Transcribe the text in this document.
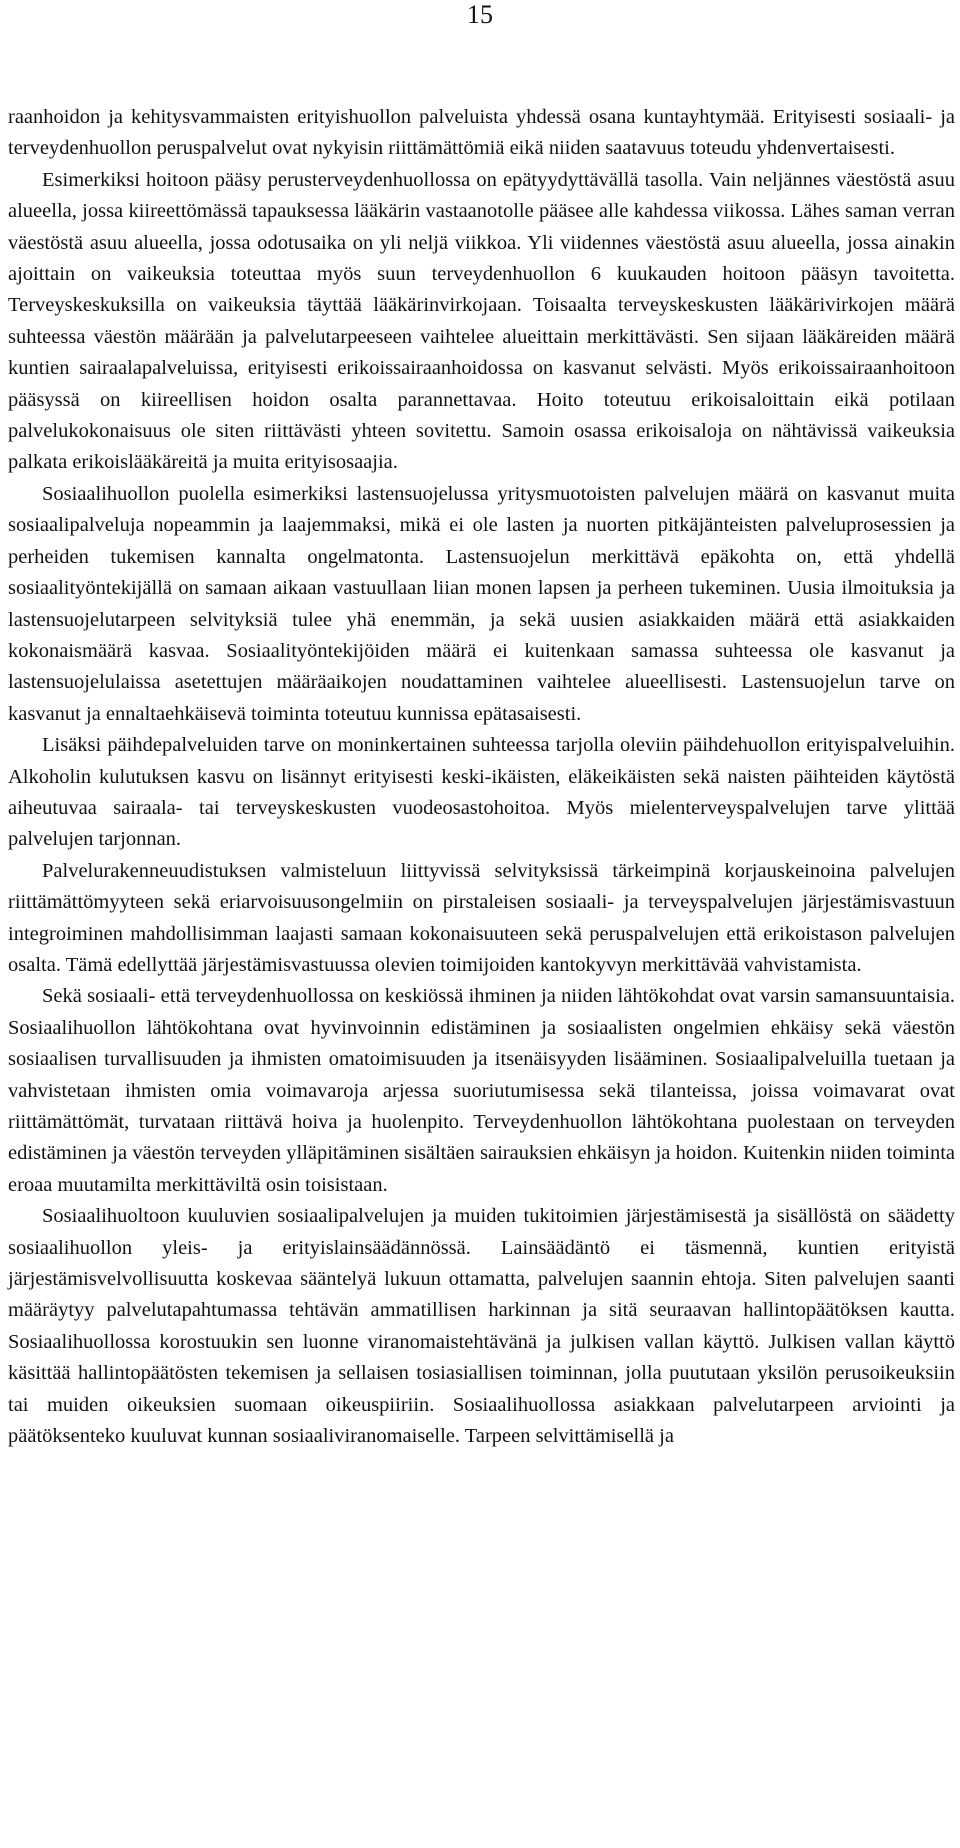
15

raanhoidon ja kehitysvammaisten erityishuollon palveluista yhdessä osana kuntayhtymää. Erityisesti sosiaali- ja terveydenhuollon peruspalvelut ovat nykyisin riittämättömiä eikä niiden saatavuus toteudu yhdenvertaisesti.

Esimerkiksi hoitoon pääsy perusterveydenhuollossa on epätyydyttävällä tasolla. Vain neljännes väestöstä asuu alueella, jossa kiireettömässä tapauksessa lääkärin vastaanotolle pääsee alle kahdessa viikossa. Lähes saman verran väestöstä asuu alueella, jossa odotusaika on yli neljä viikkoa. Yli viidennes väestöstä asuu alueella, jossa ainakin ajoittain on vaikeuksia toteuttaa myös suun terveydenhuollon 6 kuukauden hoitoon pääsyn tavoitetta. Terveyskeskuksilla on vaikeuksia täyttää lääkärinvirkojaan. Toisaalta terveyskeskusten lääkärivirkojen määrä suhteessa väestön määrään ja palvelutarpeeseen vaihtelee alueittain merkittävästi. Sen sijaan lääkäreiden määrä kuntien sairaalapalveluissa, erityisesti erikoissairaanhoidossa on kasvanut selvästi. Myös erikoissairaanhoitoon pääsyssä on kiireellisen hoidon osalta parannettavaa. Hoito toteutuu erikoisaloittain eikä potilaan palvelukokonaisuus ole siten riittävästi yhteen sovitettu. Samoin osassa erikoisaloja on nähtävissä vaikeuksia palkata erikoislääkäreitä ja muita erityisosaajia.

Sosiaalihuollon puolella esimerkiksi lastensuojelussa yritysmuotoisten palvelujen määrä on kasvanut muita sosiaalipalveluja nopeammin ja laajemmaksi, mikä ei ole lasten ja nuorten pitkäjänteisten palveluprosessien ja perheiden tukemisen kannalta ongelmatonta. Lastensuojelun merkittävä epäkohta on, että yhdellä sosiaalityöntekijällä on samaan aikaan vastuullaan liian monen lapsen ja perheen tukeminen. Uusia ilmoituksia ja lastensuojelutarpeen selvityksiä tulee yhä enemmän, ja sekä uusien asiakkaiden määrä että asiakkaiden kokonaismäärä kasvaa. Sosiaalityöntekijöiden määrä ei kuitenkaan samassa suhteessa ole kasvanut ja lastensuojelulaissa asetettujen määräaikojen noudattaminen vaihtelee alueellisesti. Lastensuojelun tarve on kasvanut ja ennaltaehkäisevä toiminta toteutuu kunnissa epätasaisesti.

Lisäksi päihdepalveluiden tarve on moninkertainen suhteessa tarjolla oleviin päihdehuollon erityispalveluihin. Alkoholin kulutuksen kasvu on lisännyt erityisesti keski-ikäisten, eläkeikäisten sekä naisten päihteiden käytöstä aiheutuvaa sairaala- tai terveyskeskusten vuodeosastohoitoa. Myös mielenterveyspalvelujen tarve ylittää palvelujen tarjonnan.

Palvelurakenneuudistuksen valmisteluun liittyvissä selvityksissä tärkeimpinä korjauskeinoina palvelujen riittämättömyyteen sekä eriarvoisuusongelmiin on pirstaleisen sosiaali- ja terveyspalvelujen järjestämisvastuun integroiminen mahdollisimman laajasti samaan kokonaisuuteen sekä peruspalvelujen että erikoistason palvelujen osalta. Tämä edellyttää järjestämisvastuussa olevien toimijoiden kantokyvyn merkittävää vahvistamista.

Sekä sosiaali- että terveydenhuollossa on keskiössä ihminen ja niiden lähtökohdat ovat varsin samansuuntaisia. Sosiaalihuollon lähtökohtana ovat hyvinvoinnin edistäminen ja sosiaalisten ongelmien ehkäisy sekä väestön sosiaalisen turvallisuuden ja ihmisten omatoimisuuden ja itsenäisyyden lisääminen. Sosiaalipalveluilla tuetaan ja vahvistetaan ihmisten omia voimavaroja arjessa suoriutumisessa sekä tilanteissa, joissa voimavarat ovat riittämättömät, turvataan riittävä hoiva ja huolenpito. Terveydenhuollon lähtökohtana puolestaan on terveyden edistäminen ja väestön terveyden ylläpitäminen sisältäen sairauksien ehkäisyn ja hoidon. Kuitenkin niiden toiminta eroaa muutamilta merkittäviltä osin toisistaan.

Sosiaalihuoltoon kuuluvien sosiaalipalvelujen ja muiden tukitoimien järjestämisestä ja sisällöstä on säädetty sosiaalihuollon yleis- ja erityislainsäädännössä. Lainsäädäntö ei täsmennä, kuntien erityistä järjestämisvelvollisuutta koskevaa sääntelyä lukuun ottamatta, palvelujen saannin ehtoja. Siten palvelujen saanti määräytyy palvelutapahtumassa tehtävän ammatillisen harkinnan ja sitä seuraavan hallintopäätöksen kautta. Sosiaalihuollossa korostuukin sen luonne viranomaistehtävänä ja julkisen vallan käyttö. Julkisen vallan käyttö käsittää hallintopäätösten tekemisen ja sellaisen tosiasiallisen toiminnan, jolla puututaan yksilön perusoikeuksiin tai muiden oikeuksien suomaan oikeuspiiriin. Sosiaalihuollossa asiakkaan palvelutarpeen arviointi ja päätöksenteko kuuluvat kunnan sosiaaliviranomaiselle. Tarpeen selvittämisellä ja
